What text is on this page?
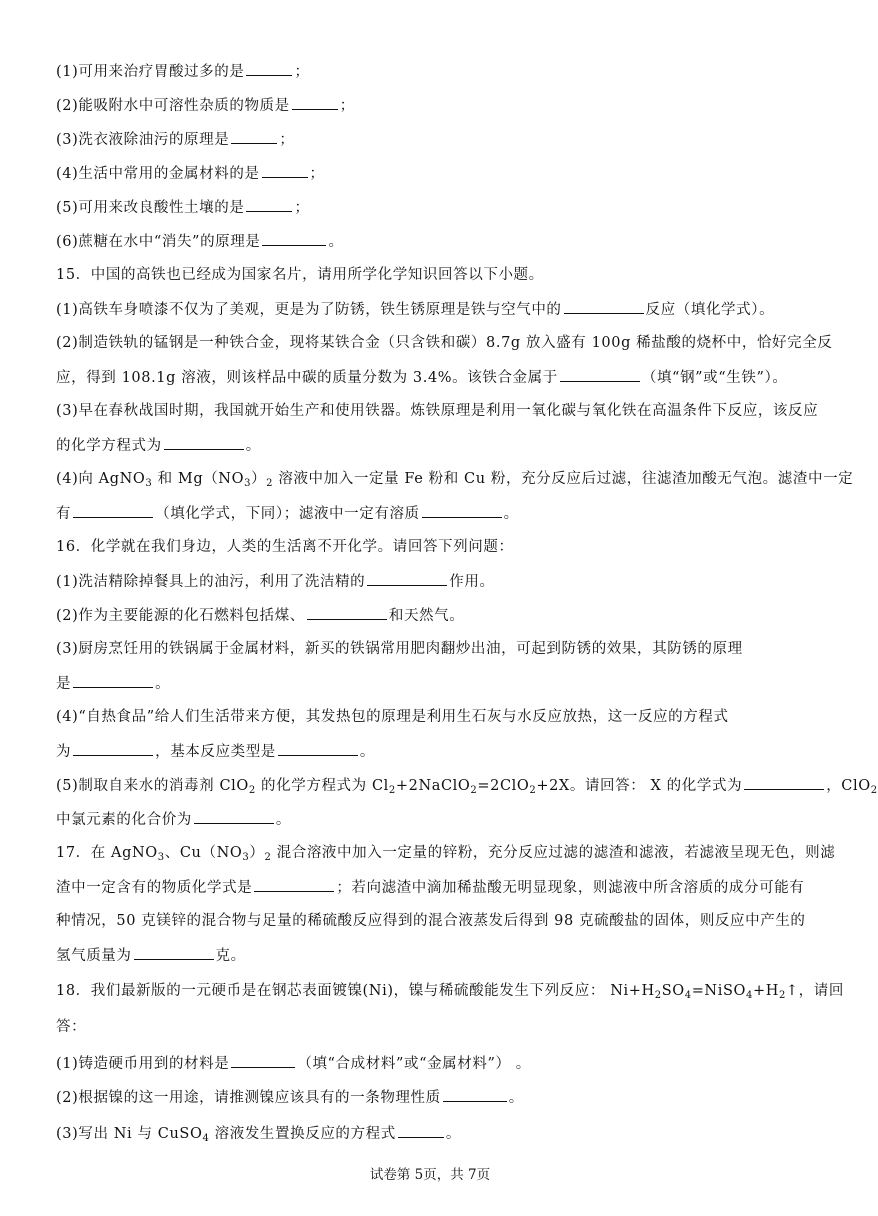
(1)可用来治疗胃酸过多的是	；
(2)能吸附水中可溶性杂质的物质是	；
(3)洗衣液除油污的原理是	；
(4)生活中常用的金属材料的是	；
(5)可用来改良酸性土壤的是	；
(6)蔗糖在水中“消失”的原理是	。
15．中国的高铁也已经成为国家名片，请用所学化学知识回答以下小题。
(1)高铁车身喷漆不仅为了美观，更是为了防锈，铁生锈原理是铁与空气中的	反应（填化学式）。
(2)制造铁轨的锰钢是一种铁合金，现将某铁合金（只含铁和碳）8.7g 放入盛有 100g 稀盐酸的烧杯中，恰好完全反
应，得到 108.1g 溶液，则该样品中碳的质量分数为 3.4%。该铁合金属于	（填“钢”或“生铁”）。
(3)早在春秋战国时期，我国就开始生产和使用铁器。炼铁原理是利用一氧化碳与氧化铁在高温条件下反应，该反应
的化学方程式为	。
(4)向 AgNO$_3$ 和 $Mg(NO_3)_2$ 溶液中加入一定量 Fe 粉和 Cu 粉，充分反应后过滤，往滤渣加酸无气泡。滤渣中一定
有	（填化学式，下同）；滤液中一定有溶质	。
16．化学就在我们身边，人类的生活离不开化学。请回答下列问题：
(1)洗洁精除掉餐具上的油污，利用了洗洁精的	作用。
(2)作为主要能源的化石燃料包括煤、	和天然气。
(3)厨房烹饪用的铁锅属于金属材料，新买的铁锅常用肥肉翻炒出油，可起到防锈的效果，其防锈的原理
是	。
(4)“自热食品”给人们生活带来方便，其发热包的原理是利用生石灰与水反应放热，这一反应的方程式
为	，基本反应类型是	。
(5)制取自来水的消毒剂 ClO$_2$ 的化学方程式为 $Cl_2+2NaClO_2=2ClO_2+2X$。请回答： X 的化学式为	，ClO$_2$
中氯元素的化合价为	。
17．在 AgNO$_3$、$Cu(NO_3)_2$ 混合溶液中加入一定量的锌粉，充分反应过滤的滤渣和滤液，若滤液呈现无色，则滤
渣中一定含有的物质化学式是	；若向滤渣中滴加稀盐酸无明显现象，则滤液中所含溶质的成分可能有
种情况，50 克镁锌的混合物与足量的稀硫酸反应得到的混合液蒸发后得到 98 克硫酸盐的固体，则反应中产生的
氢气质量为	克。
18．我们最新版的一元硬币是在钢芯表面镀镍(Ni)，镍与稀硫酸能发生下列反应： $Ni+H_2SO_4=NiSO_4+H_2↑$，请回
答：
(1)铸造硬币用到的材料是	（填“合成材料”或“金属材料”） 。
(2)根据镍的这一用途，请推测镍应该具有的一条物理性质	。
(3)写出 Ni 与 CuSO$_4$ 溶液发生置换反应的方程式	。
试卷第 5页，共 7页
